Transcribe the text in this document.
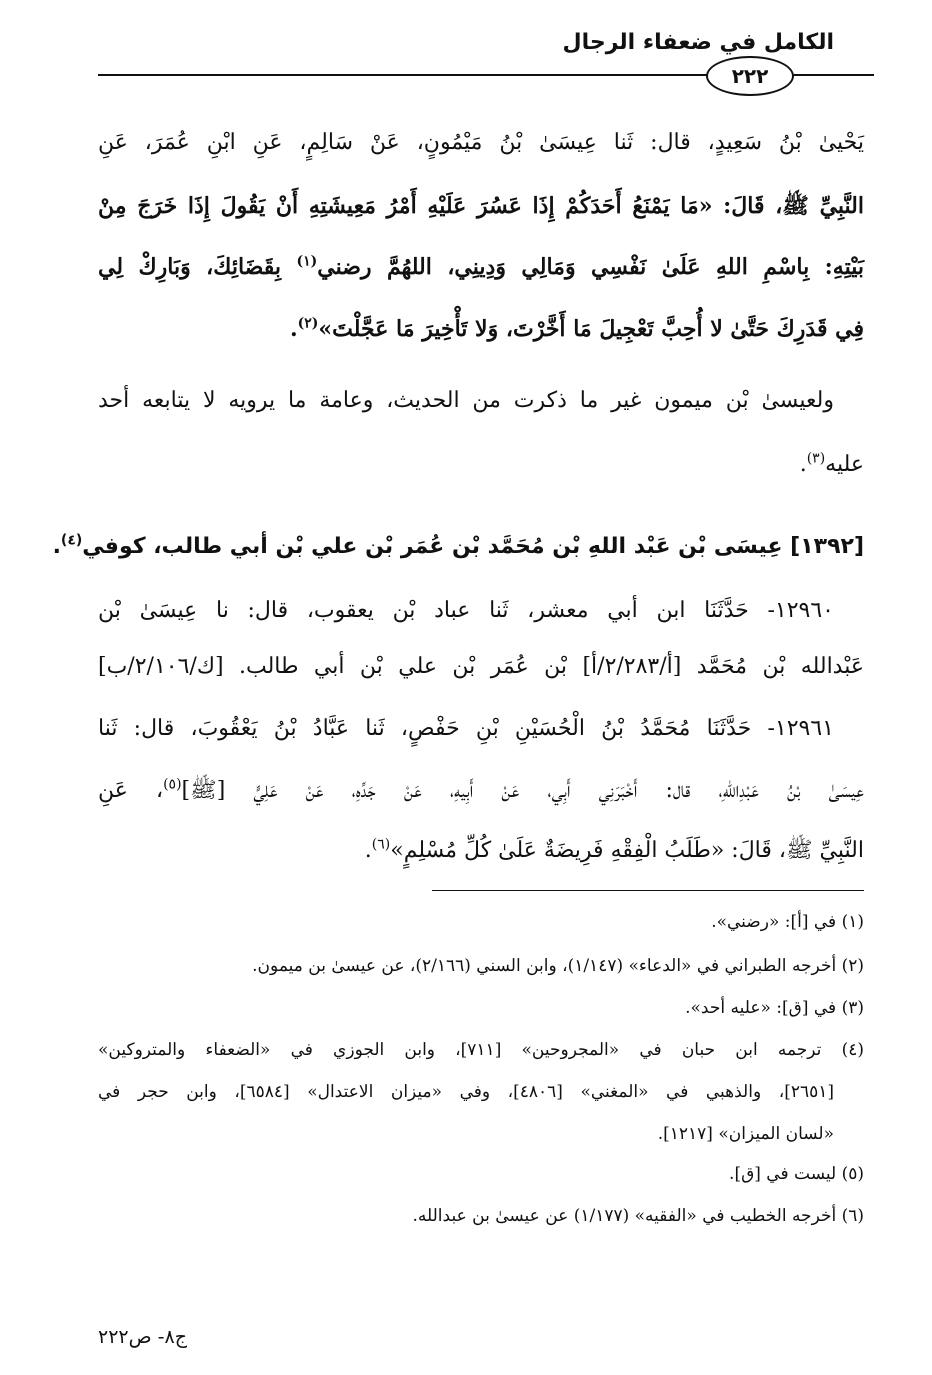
الكامل في ضعفاء الرجال
٢٢٢
يَحْيىٰ بْنُ سَعِيدٍ، قال: ثَنا عِيسَىٰ بْنُ مَيْمُونٍ، عَنْ سَالِمٍ، عَنِ ابْنِ عُمَرَ، عَنِ
النَّبِيِّ ﷺ، قَالَ: «مَا يَمْنَعُ أَحَدَكُمْ إِذَا عَسُرَ عَلَيْهِ أَمْرُ مَعِيشَتِهِ أَنْ يَقُولَ إِذَا خَرَجَ مِنْ
بَيْتِهِ: بِاسْمِ اللهِ عَلَىٰ نَفْسِي وَمَالِي وَدِينِي، اللهُمَّ رضني$^{(١)}$ بِقَضَائِكَ، وَبَارِكْ لِي
فِي قَدَرِكَ حَتَّىٰ لا أُحِبَّ تَعْجِيلَ مَا أَخَّرْتَ، وَلا تَأْخِيرَ مَا عَجَّلْتَ»$^{(٢)}$.
ولعيسىٰ بْن ميمون غير ما ذكرت من الحديث، وعامة ما يرويه لا يتابعه أحد
عليه$^{(٣)}$.
[١٣٩٢] عِيسَى بْن عَبْد اللهِ بْن مُحَمَّد بْن عُمَر بْن علي بْن أبي طالب، كوفي$^{(٤)}$.
١٢٩٦٠- حَدَّثَنَا ابن أبي معشر، ثَنا عباد بْن يعقوب، قال: نا عِيسَىٰ بْن
عَبْدالله بْن مُحَمَّد [أ/٢/٢٨٣/أ] بْن عُمَر بْن علي بْن أبي طالب. [ك/٢/١٠٦/ب]
١٢٩٦١- حَدَّثَنَا مُحَمَّدُ بْنُ الْحُسَيْنِ بْنِ حَفْصٍ، ثَنا عَبَّادُ بْنُ يَعْقُوبَ، قال: ثَنا
عِيسَىٰ بْنُ عَبْدِاللهِ، قال: أَخْبَرَنِي أَبِي، عَنْ أَبِيهِ، عَنْ جَدِّهِ، عَنْ عَلِيٍّ [ﷺ]$^{(٥)}$، عَنِ
النَّبِيِّ ﷺ، قَالَ: «طَلَبُ الْفِقْهِ فَرِيضَةٌ عَلَىٰ كُلِّ مُسْلِمٍ»$^{(٦)}$.
(١) في [أ]: «رضني».
(٢) أخرجه الطبراني في «الدعاء» (١/١٤٧)، وابن السني (٢/١٦٦)، عن عيسىٰ بن ميمون.
(٣) في [ق]: «عليه أحد».
(٤) ترجمه ابن حبان في «المجروحين» [٧١١]، وابن الجوزي في «الضعفاء والمتروكين»
[٢٦٥١]، والذهبي في «المغني» [٤٨٠٦]، وفي «ميزان الاعتدال» [٦٥٨٤]، وابن حجر في
«لسان الميزان» [١٢١٧].
(٥) ليست في [ق].
(٦) أخرجه الخطيب في «الفقيه» (١/١٧٧) عن عيسىٰ بن عبدالله.
ج٨- ص٢٢٢
